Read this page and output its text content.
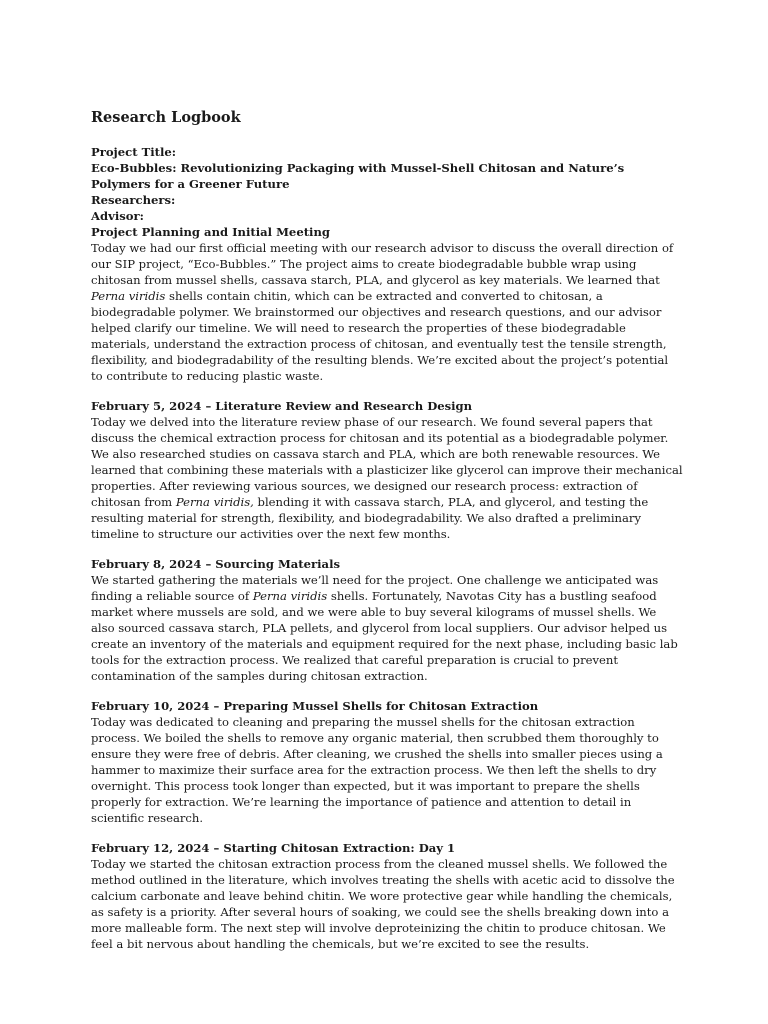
Research Logbook

Project Title:

Eco-Bubbles: Revolutionizing Packaging with Mussel-Shell Chitosan and Nature’s Polymers for a Greener Future

Researchers:

Advisor:

Project Planning and Initial Meeting

Today we had our first official meeting with our research advisor to discuss the overall direction of our SIP project, “Eco-Bubbles.” The project aims to create biodegradable bubble wrap using chitosan from mussel shells, cassava starch, PLA, and glycerol as key materials. We learned that Perna viridis shells contain chitin, which can be extracted and converted to chitosan, a biodegradable polymer. We brainstormed our objectives and research questions, and our advisor helped clarify our timeline. We will need to research the properties of these biodegradable materials, understand the extraction process of chitosan, and eventually test the tensile strength, flexibility, and biodegradability of the resulting blends. We’re excited about the project’s potential to contribute to reducing plastic waste.

February 5, 2024 – Literature Review and Research Design

Today we delved into the literature review phase of our research. We found several papers that discuss the chemical extraction process for chitosan and its potential as a biodegradable polymer. We also researched studies on cassava starch and PLA, which are both renewable resources. We learned that combining these materials with a plasticizer like glycerol can improve their mechanical properties. After reviewing various sources, we designed our research process: extraction of chitosan from Perna viridis, blending it with cassava starch, PLA, and glycerol, and testing the resulting material for strength, flexibility, and biodegradability. We also drafted a preliminary timeline to structure our activities over the next few months.

February 8, 2024 – Sourcing Materials

We started gathering the materials we’ll need for the project. One challenge we anticipated was finding a reliable source of Perna viridis shells. Fortunately, Navotas City has a bustling seafood market where mussels are sold, and we were able to buy several kilograms of mussel shells. We also sourced cassava starch, PLA pellets, and glycerol from local suppliers. Our advisor helped us create an inventory of the materials and equipment required for the next phase, including basic lab tools for the extraction process. We realized that careful preparation is crucial to prevent contamination of the samples during chitosan extraction.

February 10, 2024 – Preparing Mussel Shells for Chitosan Extraction

Today was dedicated to cleaning and preparing the mussel shells for the chitosan extraction process. We boiled the shells to remove any organic material, then scrubbed them thoroughly to ensure they were free of debris. After cleaning, we crushed the shells into smaller pieces using a hammer to maximize their surface area for the extraction process. We then left the shells to dry overnight. This process took longer than expected, but it was important to prepare the shells properly for extraction. We’re learning the importance of patience and attention to detail in scientific research.

February 12, 2024 – Starting Chitosan Extraction: Day 1

Today we started the chitosan extraction process from the cleaned mussel shells. We followed the method outlined in the literature, which involves treating the shells with acetic acid to dissolve the calcium carbonate and leave behind chitin. We wore protective gear while handling the chemicals, as safety is a priority. After several hours of soaking, we could see the shells breaking down into a more malleable form. The next step will involve deproteinizing the chitin to produce chitosan. We feel a bit nervous about handling the chemicals, but we’re excited to see the results.
